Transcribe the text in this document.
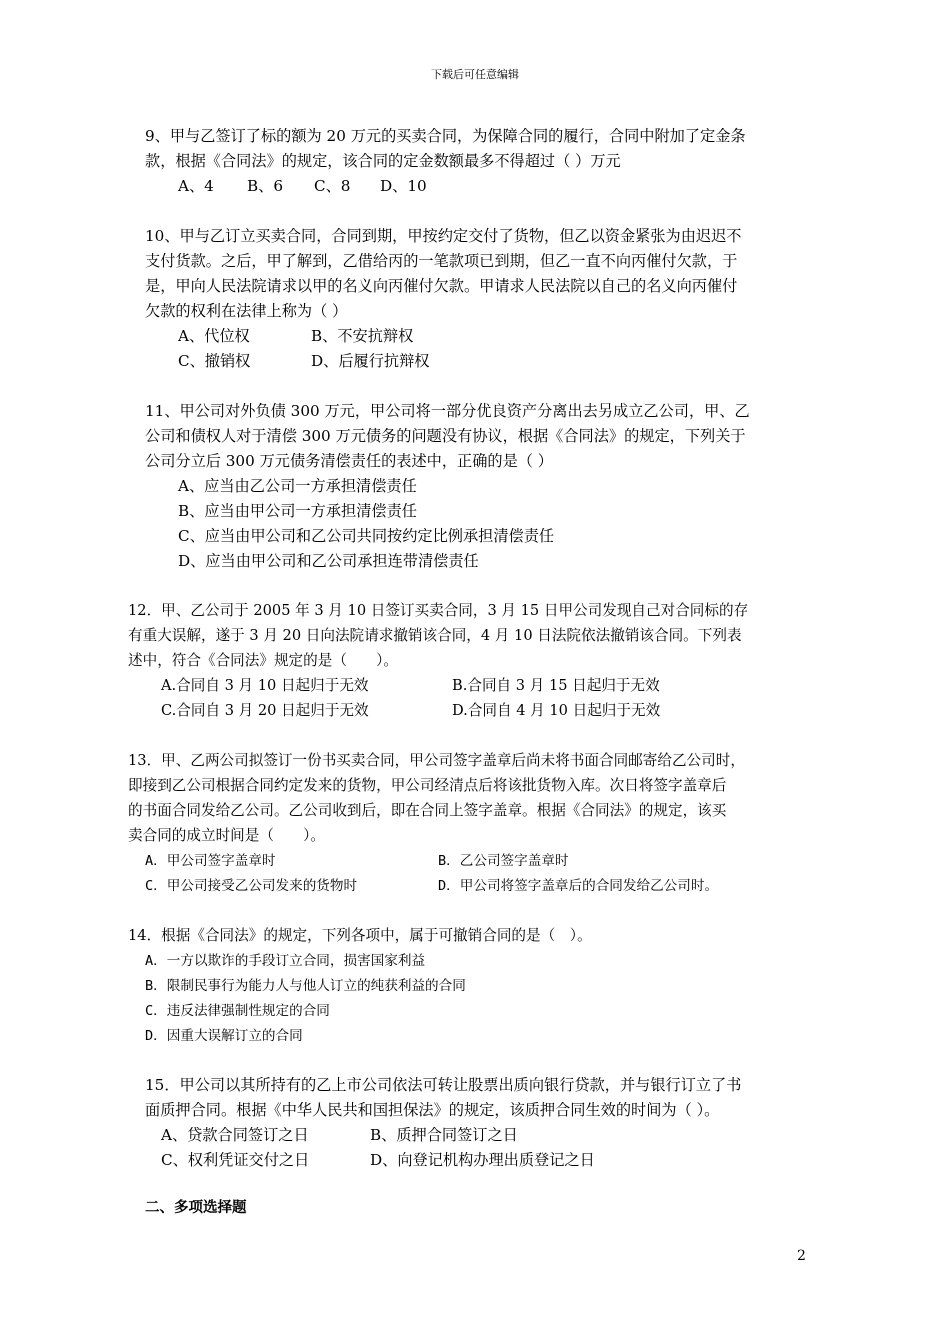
下载后可任意编辑
9、甲与乙签订了标的额为 20 万元的买卖合同，为保障合同的履行，合同中附加了定金条
款，根据《合同法》的规定，该合同的定金数额最多不得超过（ ）万元
A、4 B、6 C、8 D、10
10、甲与乙订立买卖合同，合同到期，甲按约定交付了货物，但乙以资金紧张为由迟迟不
支付货款。之后，甲了解到，乙借给丙的一笔款项已到期，但乙一直不向丙催付欠款，于
是，甲向人民法院请求以甲的名义向丙催付欠款。甲请求人民法院以自己的名义向丙催付
欠款的权利在法律上称为（ ）
A、代位权	B、不安抗辩权
C、撤销权	D、后履行抗辩权
11、甲公司对外负债 300 万元，甲公司将一部分优良资产分离出去另成立乙公司，甲、乙
公司和债权人对于清偿 300 万元债务的问题没有协议，根据《合同法》的规定，下列关于
公司分立后 300 万元债务清偿责任的表述中，正确的是（ ）
A、应当由乙公司一方承担清偿责任
B、应当由甲公司一方承担清偿责任
C、应当由甲公司和乙公司共同按约定比例承担清偿责任
D、应当由甲公司和乙公司承担连带清偿责任
12．甲、乙公司于 2005 年 3 月 10 日签订买卖合同，3 月 15 日甲公司发现自己对合同标的存
有重大误解，遂于 3 月 20 日向法院请求撤销该合同，4 月 10 日法院依法撤销该合同。下列表
述中，符合《合同法》规定的是（　　）。
A.合同自 3 月 10 日起归于无效	B.合同自 3 月 15 日起归于无效
C.合同自 3 月 20 日起归于无效	D.合同自 4 月 10 日起归于无效
13．甲、乙两公司拟签订一份书买卖合同，甲公司签字盖章后尚未将书面合同邮寄给乙公司时，
即接到乙公司根据合同约定发来的货物，甲公司经清点后将该批货物入库。次日将签字盖章后
的书面合同发给乙公司。乙公司收到后，即在合同上签字盖章。根据《合同法》的规定，该买
卖合同的成立时间是（　　）。
A．甲公司签字盖章时	B．乙公司签字盖章时
C．甲公司接受乙公司发来的货物时	D．甲公司将签字盖章后的合同发给乙公司时。
14．根据《合同法》的规定，下列各项中，属于可撤销合同的是（　）。
A．一方以欺诈的手段订立合同，损害国家利益
B．限制民事行为能力人与他人订立的纯获利益的合同
C．违反法律强制性规定的合同
D．因重大误解订立的合同
15．甲公司以其所持有的乙上市公司依法可转让股票出质向银行贷款，并与银行订立了书
面质押合同。根据《中华人民共和国担保法》的规定，该质押合同生效的时间为（ ）。
A、贷款合同签订之日	B、质押合同签订之日
C、权利凭证交付之日	D、向登记机构办理出质登记之日
二、多项选择题
2
